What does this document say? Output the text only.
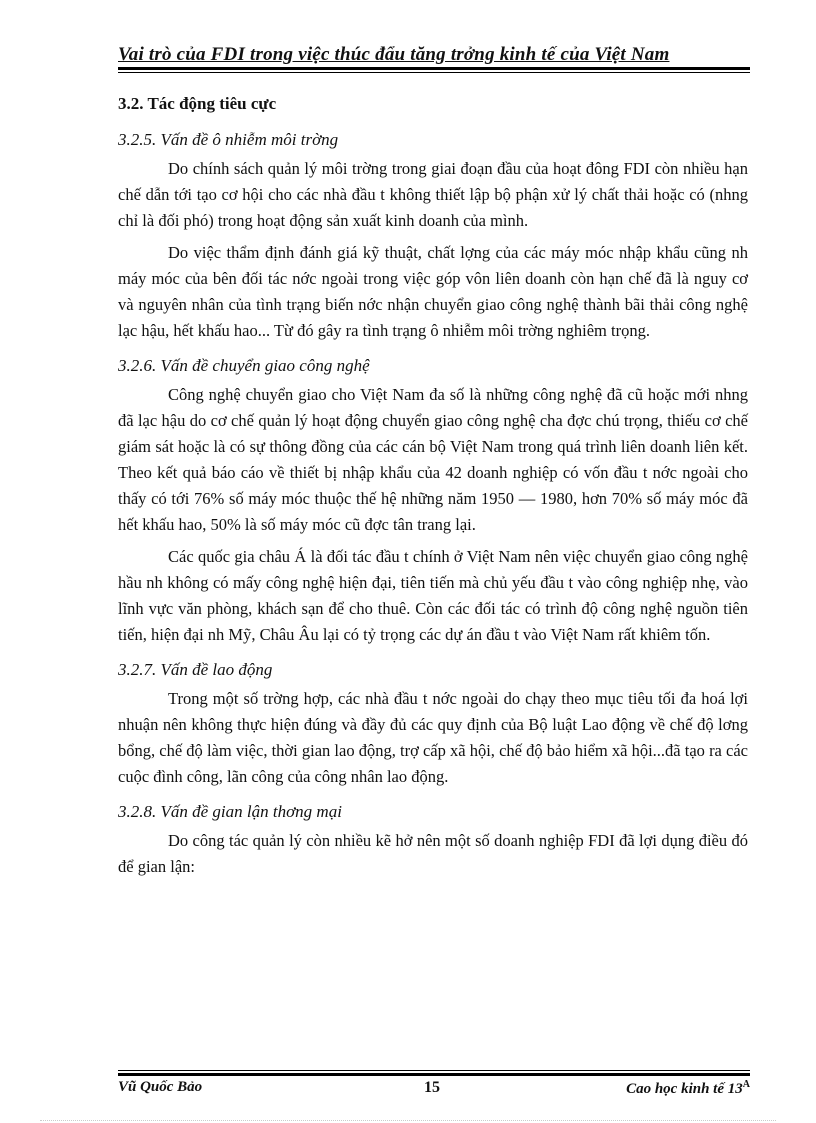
Vai trò của FDI trong việc thúc đẩu tăng trởng kinh tế của Việt Nam
3.2. Tác động tiêu cực
3.2.5. Vấn đề ô nhiễm môi trờng

Do chính sách quản lý môi trờng trong giai đoạn đầu của hoạt đông FDI còn nhiều hạn chế dẫn tới tạo cơ hội cho các nhà đầu t không thiết lập bộ phận xử lý chất thải hoặc có (nhng chỉ là đối phó) trong hoạt động sản xuất kinh doanh của mình.

Do việc thẩm định đánh giá kỹ thuật, chất lợng của các máy móc nhập khẩu cũng nh máy móc của bên đối tác nớc ngoài trong việc góp vôn liên doanh còn hạn chế đã là nguy cơ và nguyên nhân của tình trạng biến nớc nhận chuyển giao công nghệ thành bãi thải công nghệ lạc hậu, hết khấu hao... Từ đó gây ra tình trạng ô nhiễm môi trờng nghiêm trọng.

3.2.6. Vấn đề chuyển giao công nghệ

Công nghệ chuyển giao cho Việt Nam đa số là những công nghệ đã cũ hoặc mới nhng đã lạc hậu do cơ chế quản lý hoạt động chuyển giao công nghệ cha đợc chú trọng, thiếu cơ chế giám sát hoặc là có sự thông đồng của các cán bộ Việt Nam trong quá trình liên doanh liên kết. Theo kết quả báo cáo về thiết bị nhập khẩu của 42 doanh nghiệp có vốn đầu t nớc ngoài cho thấy có tới 76% số máy móc thuộc thế hệ những năm 1950 — 1980, hơn 70% số máy móc đã hết khấu hao, 50% là số máy móc cũ đợc tân trang lại.

Các quốc gia châu Á là đối tác đầu t chính ở Việt Nam nên việc chuyển giao công nghệ hầu nh không có mấy công nghệ hiện đại, tiên tiến mà chủ yếu đầu t vào công nghiệp nhẹ, vào lĩnh vực văn phòng, khách sạn để cho thuê. Còn các đối tác có trình độ công nghệ nguồn tiên tiến, hiện đại nh Mỹ, Châu Âu lại có tỷ trọng các dự án đầu t vào Việt Nam rất khiêm tốn.

3.2.7. Vấn đề lao động

Trong một số trờng hợp, các nhà đầu t nớc ngoài do chạy theo mục tiêu tối đa hoá lợi nhuận nên không thực hiện đúng và đầy đủ các quy định của Bộ luật Lao động về chế độ lơng bổng, chế độ làm việc, thời gian lao động, trợ cấp xã hội, chế độ bảo hiểm xã hội...đã tạo ra các cuộc đình công, lãn công của công nhân lao động.

3.2.8. Vấn đề gian lận thơng mại

Do công tác quản lý còn nhiều kẽ hở nên một số doanh nghiệp FDI đã lợi dụng điều đó để gian lận:

Vũ Quốc Bảo	15	Cao học kinh tế $13^A$
